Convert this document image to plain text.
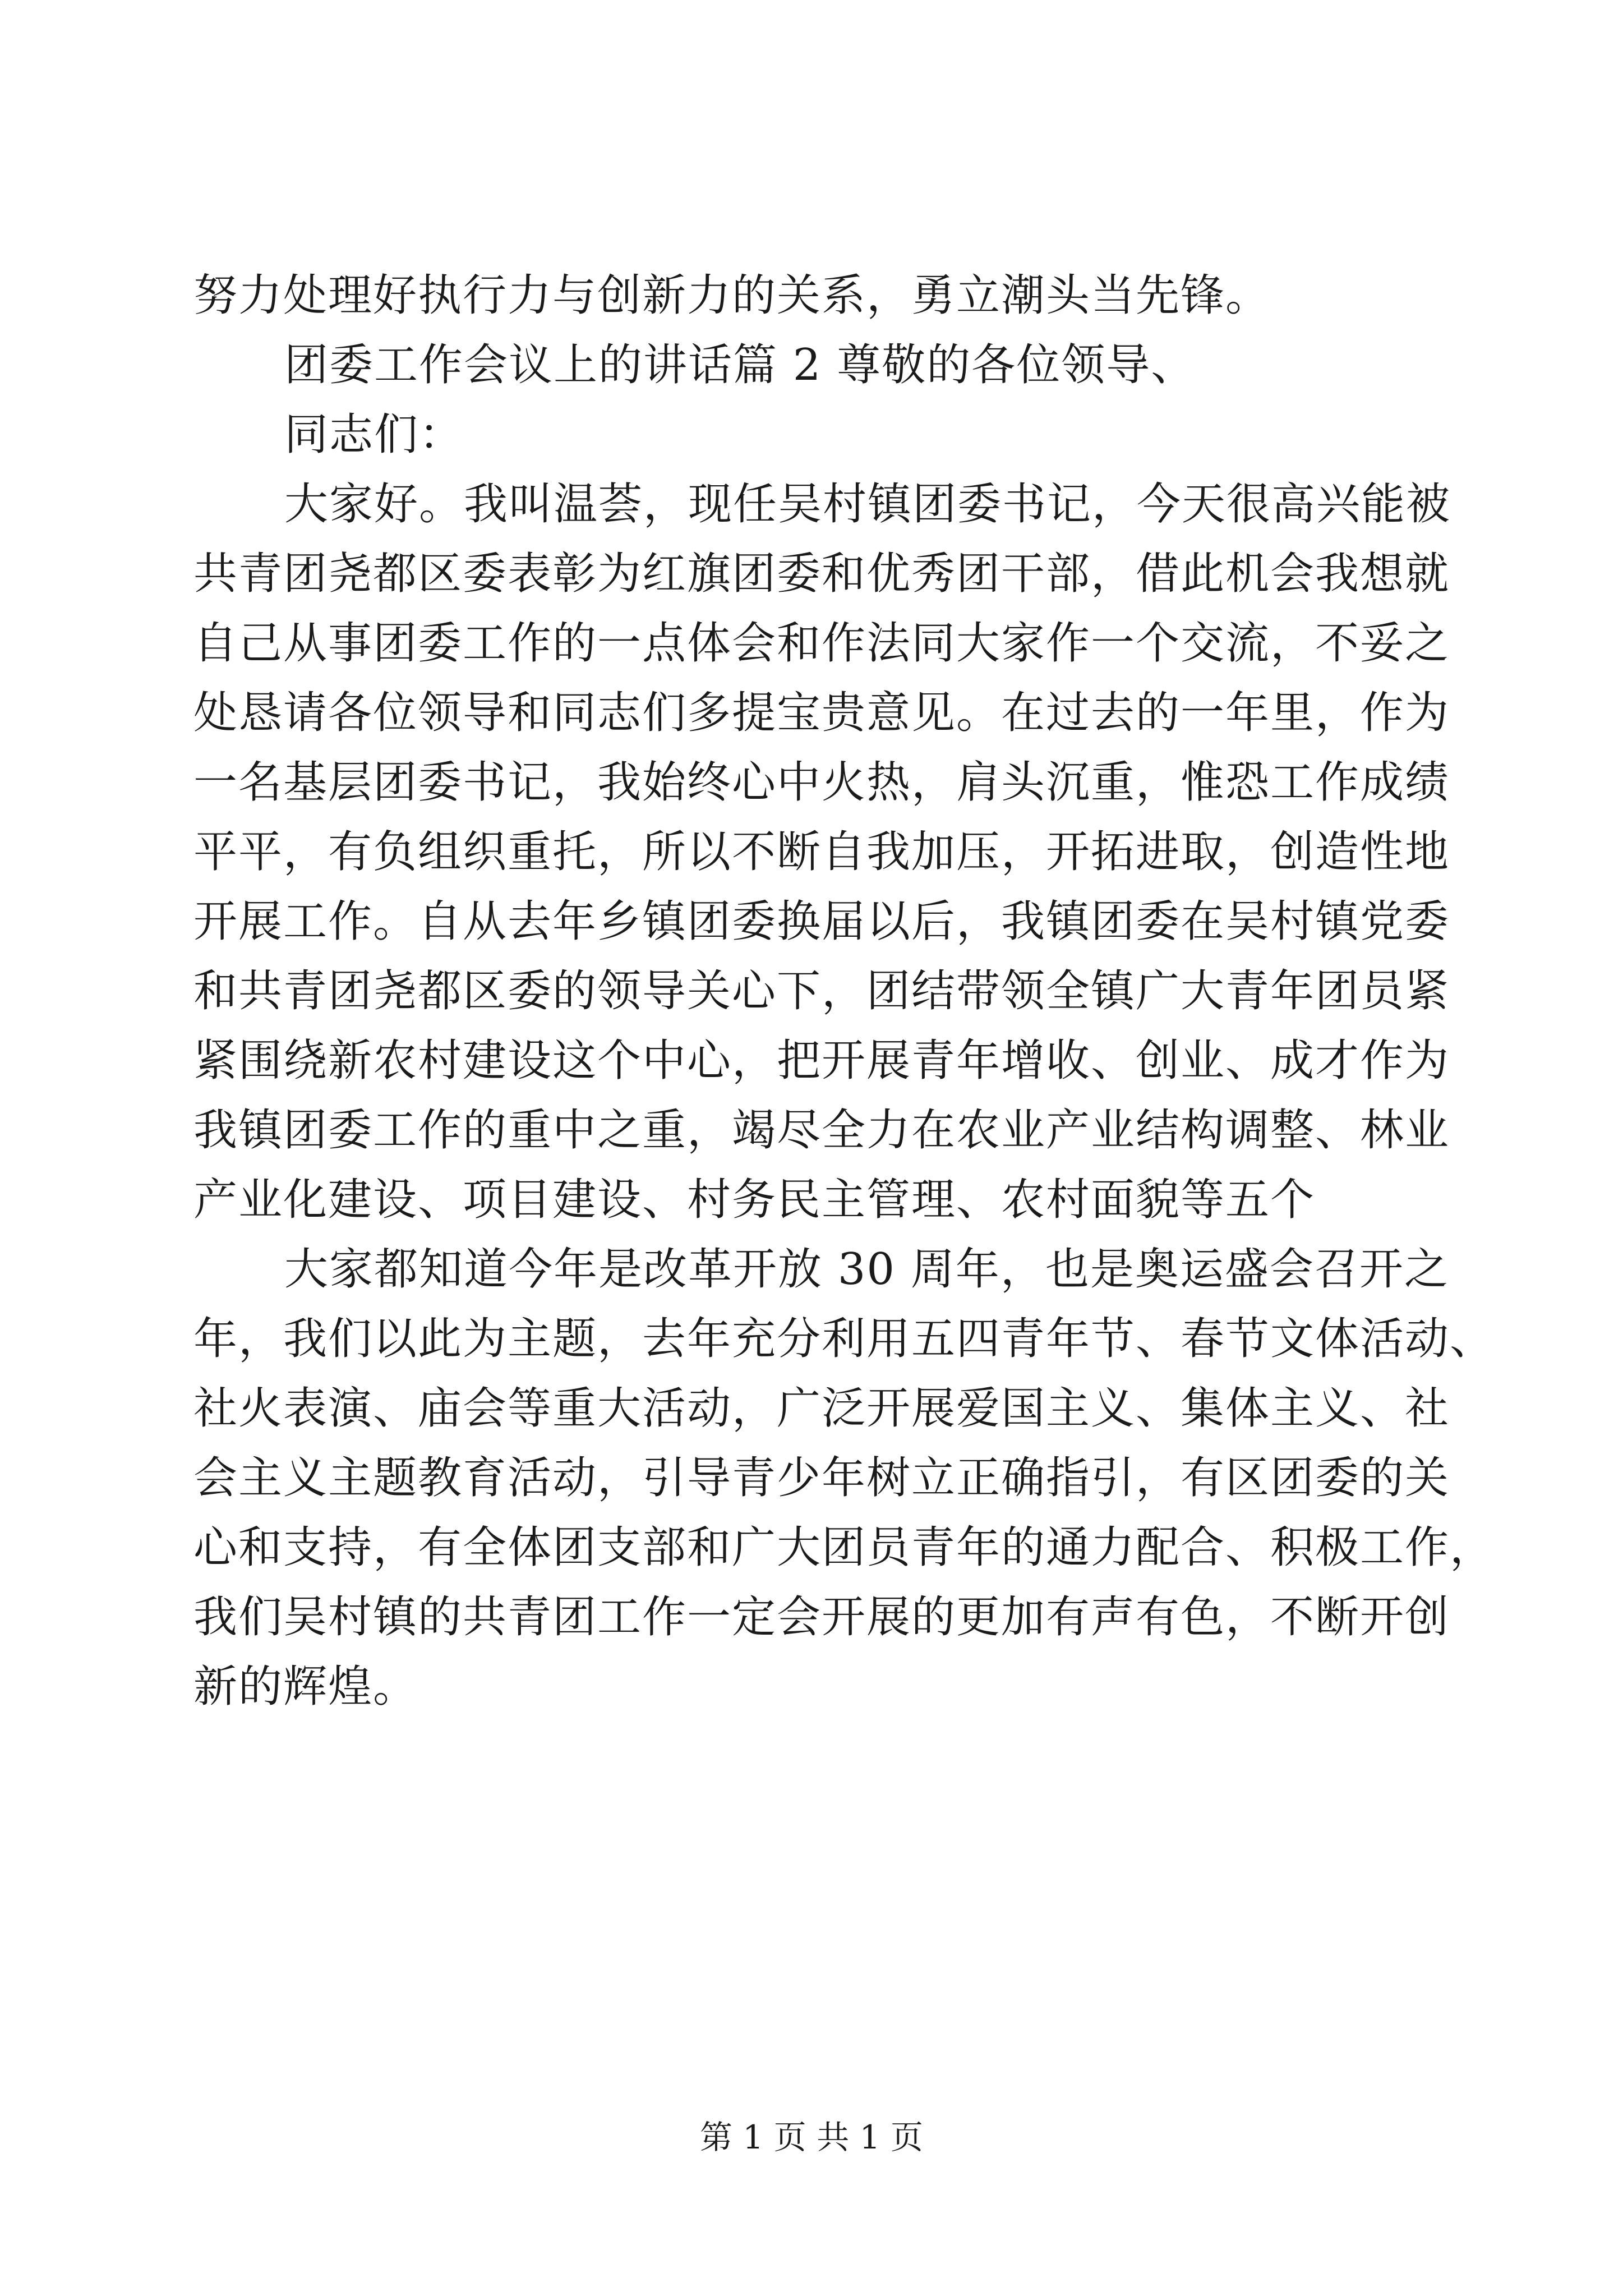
努力处理好执行力与创新力的关系，勇立潮头当先锋。
团委工作会议上的讲话篇 2 尊敬的各位领导、
同志们：
大家好。我叫温荟，现任吴村镇团委书记，今天很高兴能被
共青团尧都区委表彰为红旗团委和优秀团干部，借此机会我想就
自己从事团委工作的一点体会和作法同大家作一个交流，不妥之
处恳请各位领导和同志们多提宝贵意见。在过去的一年里，作为
一名基层团委书记，我始终心中火热，肩头沉重，惟恐工作成绩
平平，有负组织重托，所以不断自我加压，开拓进取，创造性地
开展工作。自从去年乡镇团委换届以后，我镇团委在吴村镇党委
和共青团尧都区委的领导关心下，团结带领全镇广大青年团员紧
紧围绕新农村建设这个中心，把开展青年增收、创业、成才作为
我镇团委工作的重中之重，竭尽全力在农业产业结构调整、林业
产业化建设、项目建设、村务民主管理、农村面貌等五个
大家都知道今年是改革开放 30 周年，也是奥运盛会召开之
年，我们以此为主题，去年充分利用五四青年节、春节文体活动、
社火表演、庙会等重大活动，广泛开展爱国主义、集体主义、社
会主义主题教育活动，引导青少年树立正确指引，有区团委的关
心和支持，有全体团支部和广大团员青年的通力配合、积极工作，
我们吴村镇的共青团工作一定会开展的更加有声有色，不断开创
新的辉煌。
第 1 页 共 1 页
